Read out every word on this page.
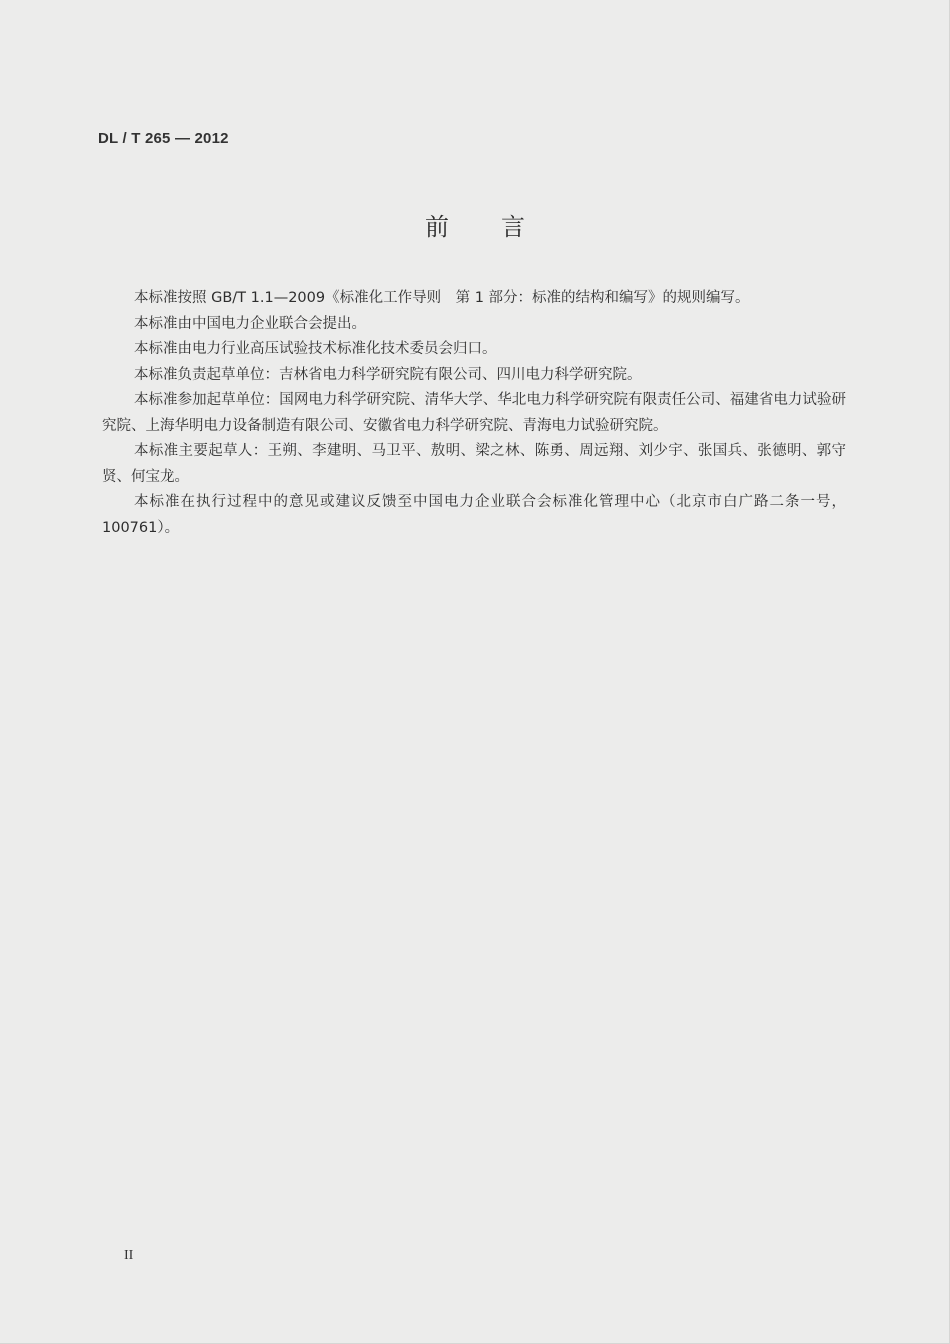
DL / T 265 — 2012
前 言

本标准按照 GB/T 1.1—2009《标准化工作导则　第 1 部分：标准的结构和编写》的规则编写。

本标准由中国电力企业联合会提出。

本标准由电力行业高压试验技术标准化技术委员会归口。

本标准负责起草单位：吉林省电力科学研究院有限公司、四川电力科学研究院。

本标准参加起草单位：国网电力科学研究院、清华大学、华北电力科学研究院有限责任公司、福建省电力试验研究院、上海华明电力设备制造有限公司、安徽省电力科学研究院、青海电力试验研究院。

本标准主要起草人：王朔、李建明、马卫平、敖明、梁之林、陈勇、周远翔、刘少宇、张国兵、张德明、郭守贤、何宝龙。

本标准在执行过程中的意见或建议反馈至中国电力企业联合会标准化管理中心（北京市白广路二条一号，100761）。

II
